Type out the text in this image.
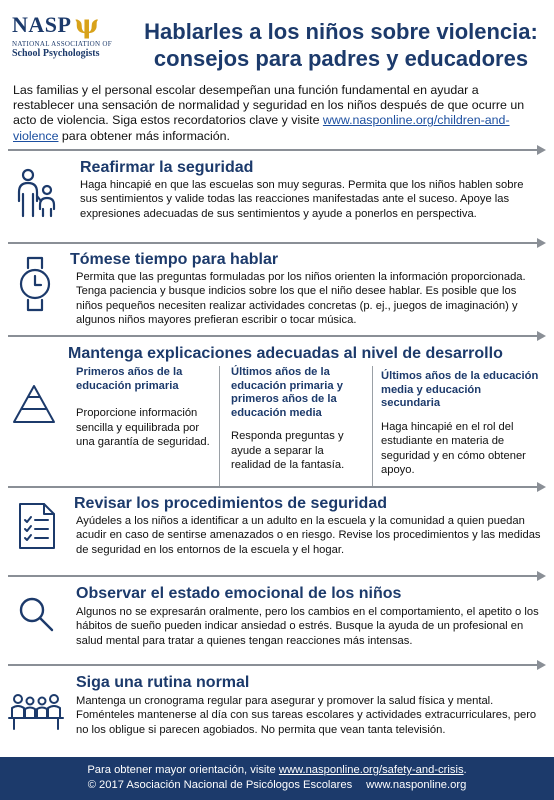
NASP ψ
NATIONAL ASSOCIATION OF
School Psychologists
Hablarles a los niños sobre violencia:
consejos para padres y educadores
Las familias y el personal escolar desempeñan una función fundamental en ayudar a restablecer una sensación de normalidad y seguridad en los niños después de que ocurre un acto de violencia. Siga estos recordatorios clave y visite www.nasponline.org/children-and-violence para obtener más información.
Reafirmar la seguridad
Haga hincapié en que las escuelas son muy seguras. Permita que los niños hablen sobre sus sentimientos y valide todas las reacciones manifestadas ante el suceso. Apoye las expresiones adecuadas de sus sentimientos y ayude a ponerlos en perspectiva.
Tómese tiempo para hablar
Permita que las preguntas formuladas por los niños orienten la información proporcionada. Tenga paciencia y busque indicios sobre los que el niño desee hablar. Es posible que los niños pequeños necesiten realizar actividades concretas (p. ej., juegos de imaginación) y algunos niños mayores prefieran escribir o tocar música.
Mantenga explicaciones adecuadas al nivel de desarrollo
Primeros años de la educación primaria
Proporcione información sencilla y equilibrada por una garantía de seguridad.
Últimos años de la educación primaria y primeros años de la educación media
Responda preguntas y ayude a separar la realidad de la fantasía.
Últimos años de la educación media y educación secundaria
Haga hincapié en el rol del estudiante en materia de seguridad y en cómo obtener apoyo.
Revisar los procedimientos de seguridad
Ayúdeles a los niños a identificar a un adulto en la escuela y la comunidad a quien puedan acudir en caso de sentirse amenazados o en riesgo. Revise los procedimientos y las medidas de seguridad en los entornos de la escuela y el hogar.
Observar el estado emocional de los niños
Algunos no se expresarán oralmente, pero los cambios en el comportamiento, el apetito o los hábitos de sueño pueden indicar ansiedad o estrés. Busque la ayuda de un profesional en salud mental para tratar a quienes tengan reacciones más intensas.
Siga una rutina normal
Mantenga un cronograma regular para asegurar y promover la salud física y mental. Foménteles mantenerse al día con sus tareas escolares y actividades extracurriculares, pero no los obligue si parecen agobiados. No permita que vean tanta televisión.
Para obtener mayor orientación, visite www.nasponline.org/safety-and-crisis.
© 2017 Asociación Nacional de Psicólogos Escolares www.nasponline.org
